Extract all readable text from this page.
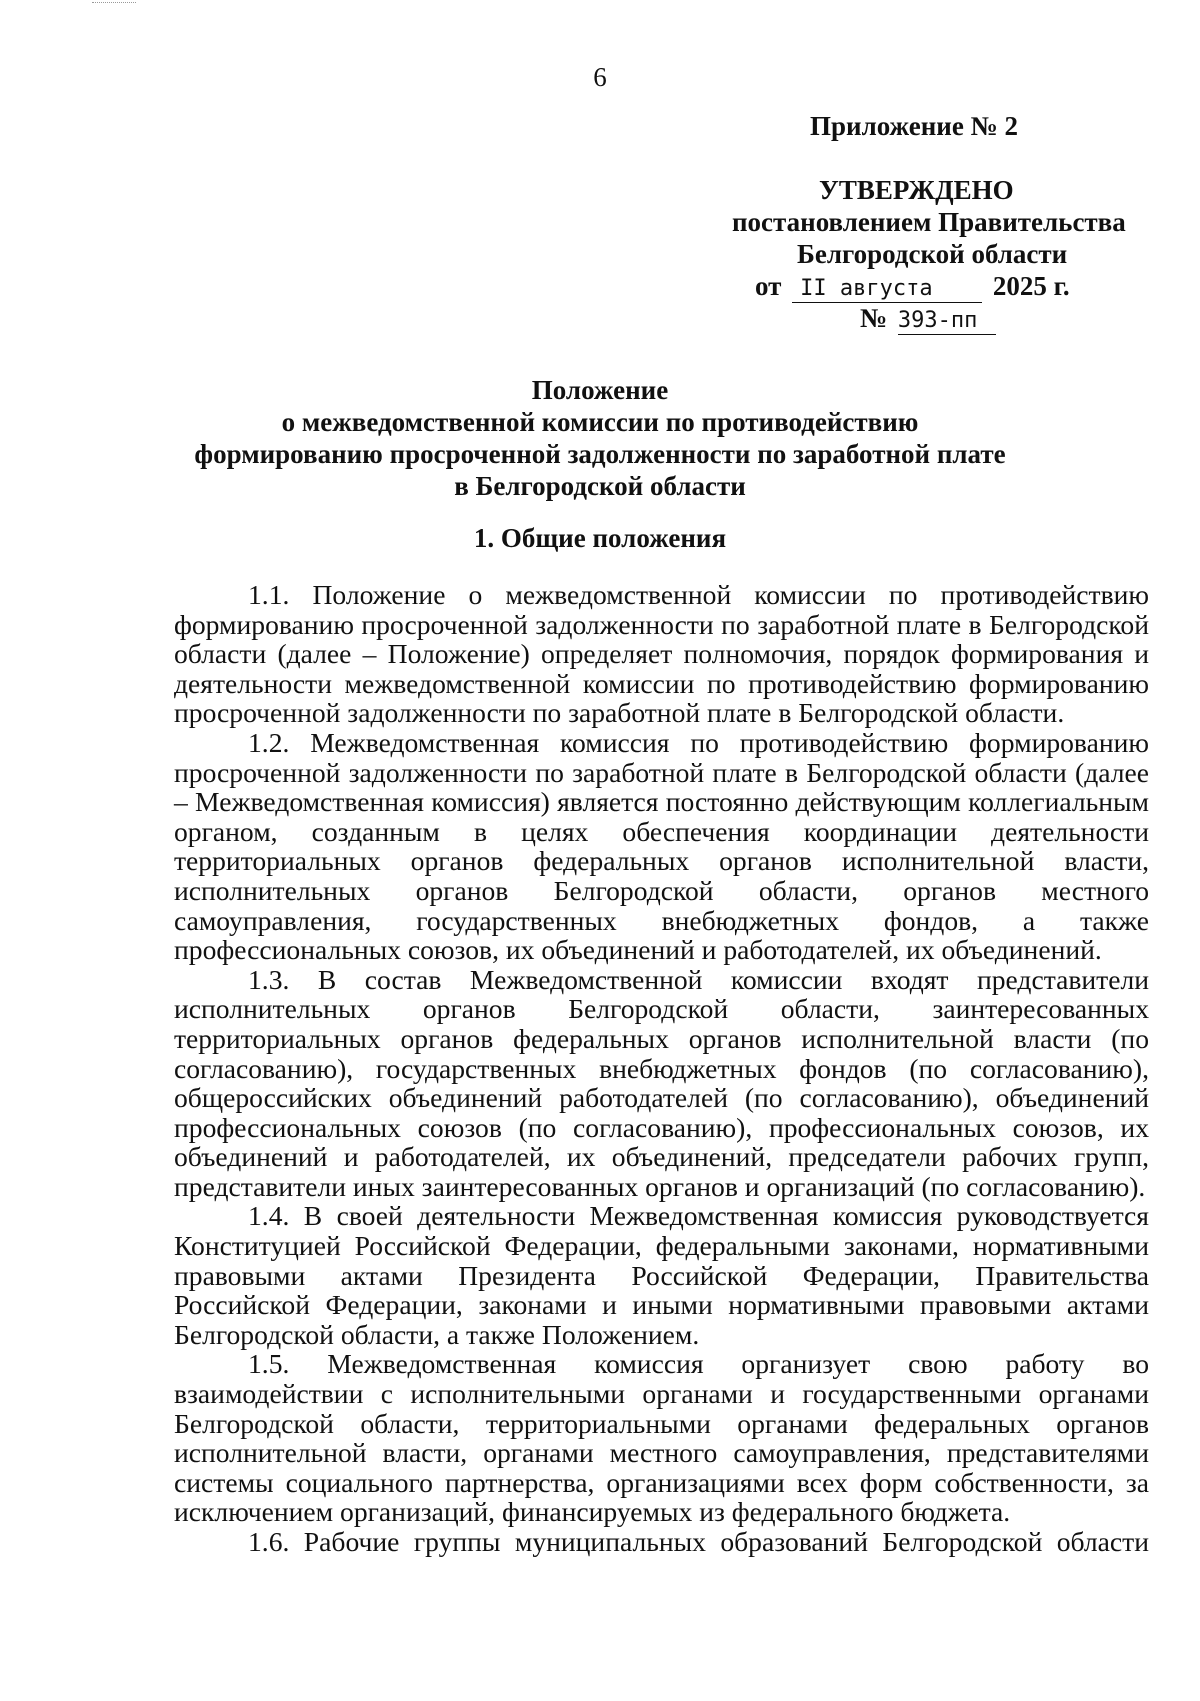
6
Приложение № 2
УТВЕРЖДЕНО
постановлением Правительства
Белгородской области
от II августа 2025 г.
№ 393-пп
Положение
о межведомственной комиссии по противодействию
формированию просроченной задолженности по заработной плате
в Белгородской области
1. Общие положения

1.1. Положение о межведомственной комиссии по противодействию формированию просроченной задолженности по заработной плате в Белгородской области (далее – Положение) определяет полномочия, порядок формирования и деятельности межведомственной комиссии по противодействию формированию просроченной задолженности по заработной плате в Белгородской области.

1.2. Межведомственная комиссия по противодействию формированию просроченной задолженности по заработной плате в Белгородской области (далее – Межведомственная комиссия) является постоянно действующим коллегиальным органом, созданным в целях обеспечения координации деятельности территориальных органов федеральных органов исполнительной власти, исполнительных органов Белгородской области, органов местного самоуправления, государственных внебюджетных фондов, а также профессиональных союзов, их объединений и работодателей, их объединений.

1.3. В состав Межведомственной комиссии входят представители исполнительных органов Белгородской области, заинтересованных территориальных органов федеральных органов исполнительной власти (по согласованию), государственных внебюджетных фондов (по согласованию), общероссийских объединений работодателей (по согласованию), объединений профессиональных союзов (по согласованию), профессиональных союзов, их объединений и работодателей, их объединений, председатели рабочих групп, представители иных заинтересованных органов и организаций (по согласованию).

1.4. В своей деятельности Межведомственная комиссия руководствуется Конституцией Российской Федерации, федеральными законами, нормативными правовыми актами Президента Российской Федерации, Правительства Российской Федерации, законами и иными нормативными правовыми актами Белгородской области, а также Положением.

1.5. Межведомственная комиссия организует свою работу во взаимодействии с исполнительными органами и государственными органами Белгородской области, территориальными органами федеральных органов исполнительной власти, органами местного самоуправления, представителями системы социального партнерства, организациями всех форм собственности, за исключением организаций, финансируемых из федерального бюджета.

1.6. Рабочие группы муниципальных образований Белгородской области
